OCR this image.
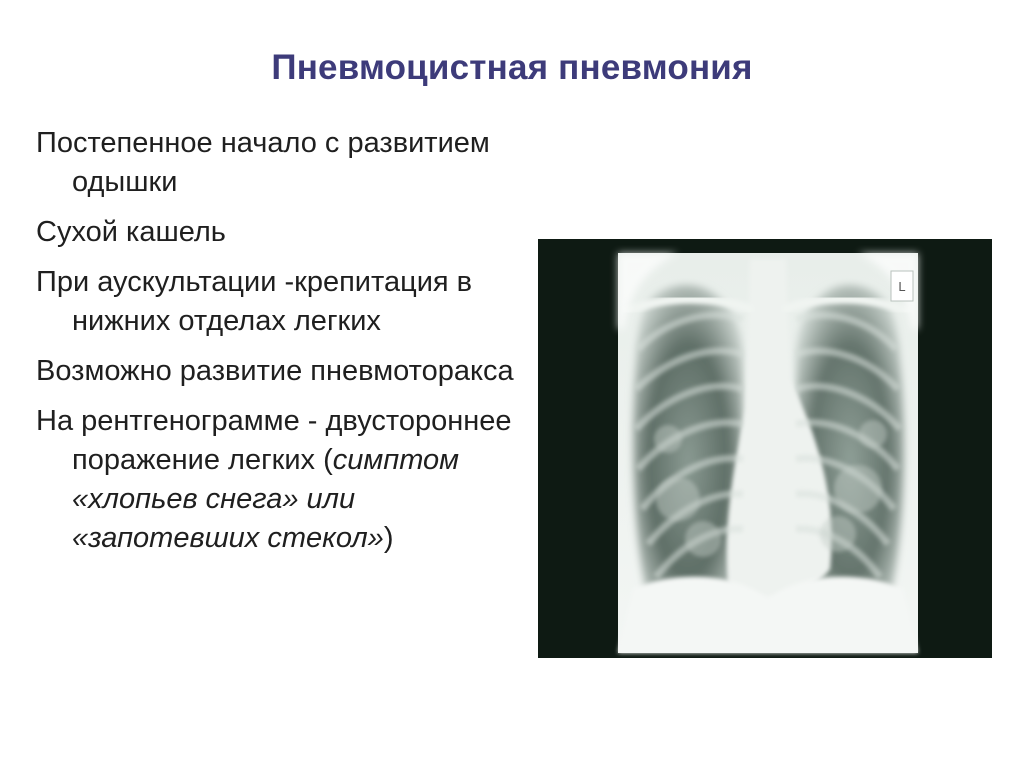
Пневмоцистная пневмония
Постепенное начало с развитием одышки
Сухой кашель
При аускультации -крепитация в нижних отделах легких
Возможно развитие пневмоторакса
На рентгенограмме - двустороннее поражение легких (симптом «хлопьев снега» или «запотевших стекол»)
L
